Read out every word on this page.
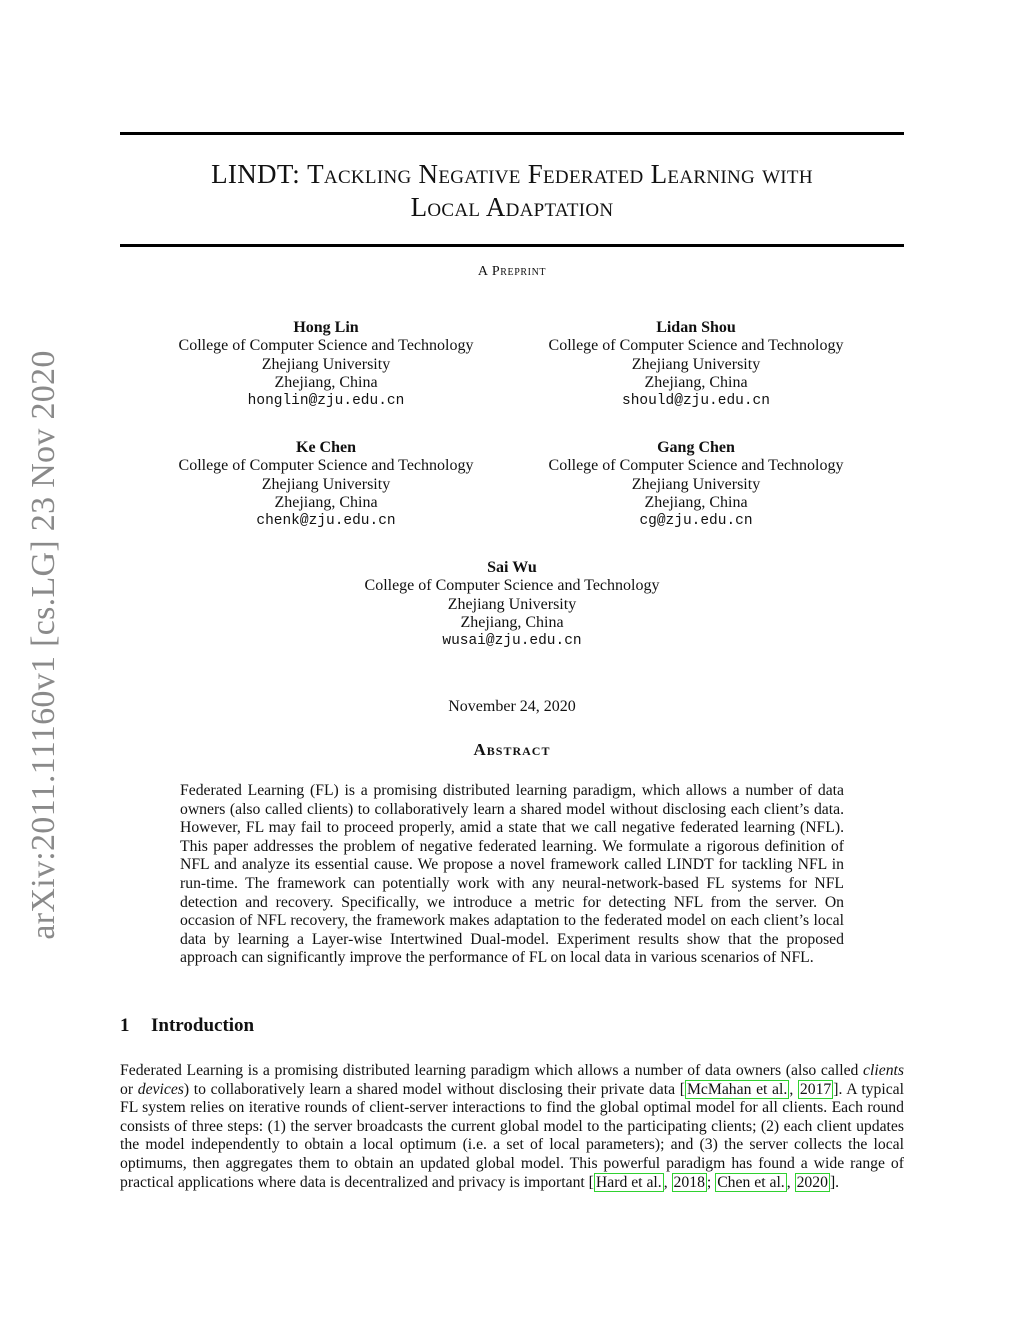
arXiv:2011.11160v1 [cs.LG] 23 Nov 2020
LINDT: Tackling Negative Federated Learning with
Local Adaptation
A Preprint
Hong Lin
College of Computer Science and Technology
Zhejiang University
Zhejiang, China
honglin@zju.edu.cn
Lidan Shou
College of Computer Science and Technology
Zhejiang University
Zhejiang, China
should@zju.edu.cn
Ke Chen
College of Computer Science and Technology
Zhejiang University
Zhejiang, China
chenk@zju.edu.cn
Gang Chen
College of Computer Science and Technology
Zhejiang University
Zhejiang, China
cg@zju.edu.cn
Sai Wu
College of Computer Science and Technology
Zhejiang University
Zhejiang, China
wusai@zju.edu.cn
November 24, 2020
Abstract
Federated Learning (FL) is a promising distributed learning paradigm, which allows a number of data owners (also called clients) to collaboratively learn a shared model without disclosing each client’s data. However, FL may fail to proceed properly, amid a state that we call negative federated learning (NFL). This paper addresses the problem of negative federated learning. We formulate a rigorous definition of NFL and analyze its essential cause. We propose a novel framework called LINDT for tackling NFL in run-time. The framework can potentially work with any neural-network-based FL systems for NFL detection and recovery. Specifically, we introduce a metric for detecting NFL from the server. On occasion of NFL recovery, the framework makes adaptation to the federated model on each client’s local data by learning a Layer-wise Intertwined Dual-model. Experiment results show that the proposed approach can significantly improve the performance of FL on local data in various scenarios of NFL.
1 Introduction
Federated Learning is a promising distributed learning paradigm which allows a number of data owners (also called clients or devices) to collaboratively learn a shared model without disclosing their private data [ McMahan et al. , 2017 ]. A typical FL system relies on iterative rounds of client-server interactions to find the global optimal model for all clients. Each round consists of three steps: (1) the server broadcasts the current global model to the participating clients; (2) each client updates the model independently to obtain a local optimum (i.e. a set of local parameters); and (3) the server collects the local optimums, then aggregates them to obtain an updated global model. This powerful paradigm has found a wide range of practical applications where data is decentralized and privacy is important [ Hard et al. , 2018 ; Chen et al. , 2020 ].
